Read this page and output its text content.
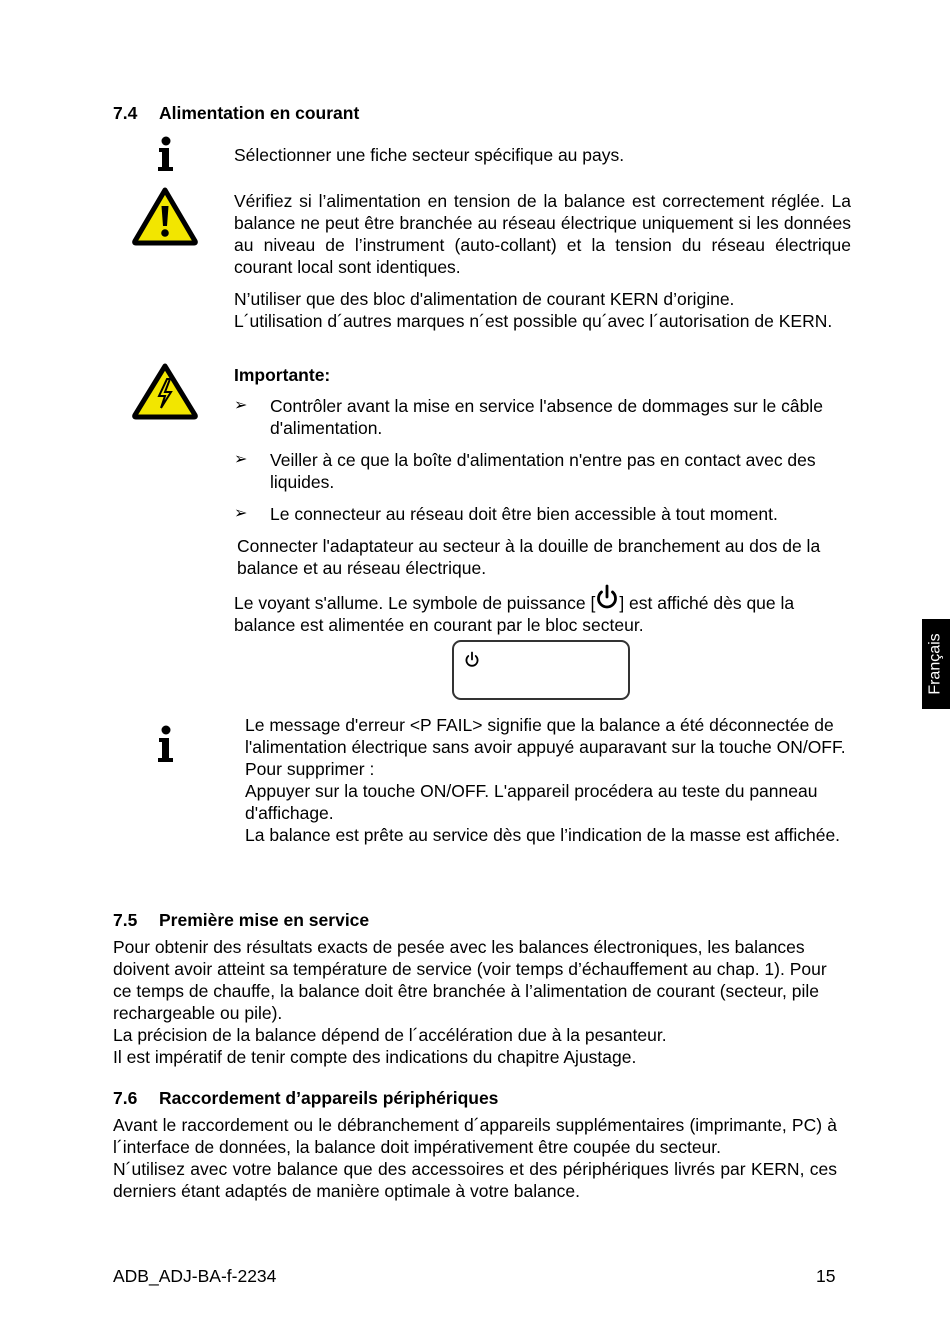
7.4 Alimentation en courant

Sélectionner une fiche secteur spécifique au pays.

Vérifiez si l’alimentation en tension de la balance est correctement réglée. La balance ne peut être branchée au réseau électrique uniquement si les données au niveau de l’instrument (auto-collant) et la tension du réseau électrique courant local sont identiques.

N’utiliser que des bloc d'alimentation de courant KERN d’origine.

L´utilisation d´autres marques n´est possible qu´avec l´autorisation de KERN.

Importante:
➢ Contrôler avant la mise en service l'absence de dommages sur le câble d'alimentation.
➢ Veiller à ce que la boîte d'alimentation n'entre pas en contact avec des liquides.
➢ Le connecteur au réseau doit être bien accessible à tout moment.

Connecter l'adaptateur au secteur à la douille de branchement au dos de la balance et au réseau électrique.

Le voyant s'allume. Le symbole de puissance [ ] est affiché dès que la balance est alimentée en courant par le bloc secteur.

Le message d'erreur <P FAIL> signifie que la balance a été déconnectée de l'alimentation électrique sans avoir appuyé auparavant sur la touche ON/OFF.

Pour supprimer :

Appuyer sur la touche ON/OFF. L'appareil procédera au teste du panneau d'affichage.

La balance est prête au service dès que l’indication de la masse est affichée.

7.5 Première mise en service

Pour obtenir des résultats exacts de pesée avec les balances électroniques, les balances doivent avoir atteint sa température de service (voir temps d’échauffement au chap. 1). Pour ce temps de chauffe, la balance doit être branchée à l’alimentation de courant (secteur, pile rechargeable ou pile).

La précision de la balance dépend de l´accélération due à la pesanteur.

Il est impératif de tenir compte des indications du chapitre Ajustage.

7.6 Raccordement d’appareils périphériques

Avant le raccordement ou le débranchement d´appareils supplémentaires (imprimante, PC) à l´interface de données, la balance doit impérativement être coupée du secteur.

N´utilisez avec votre balance que des accessoires et des périphériques livrés par KERN, ces derniers étant adaptés de manière optimale à votre balance.

ADB_ADJ-BA-f-2234	15
Français
